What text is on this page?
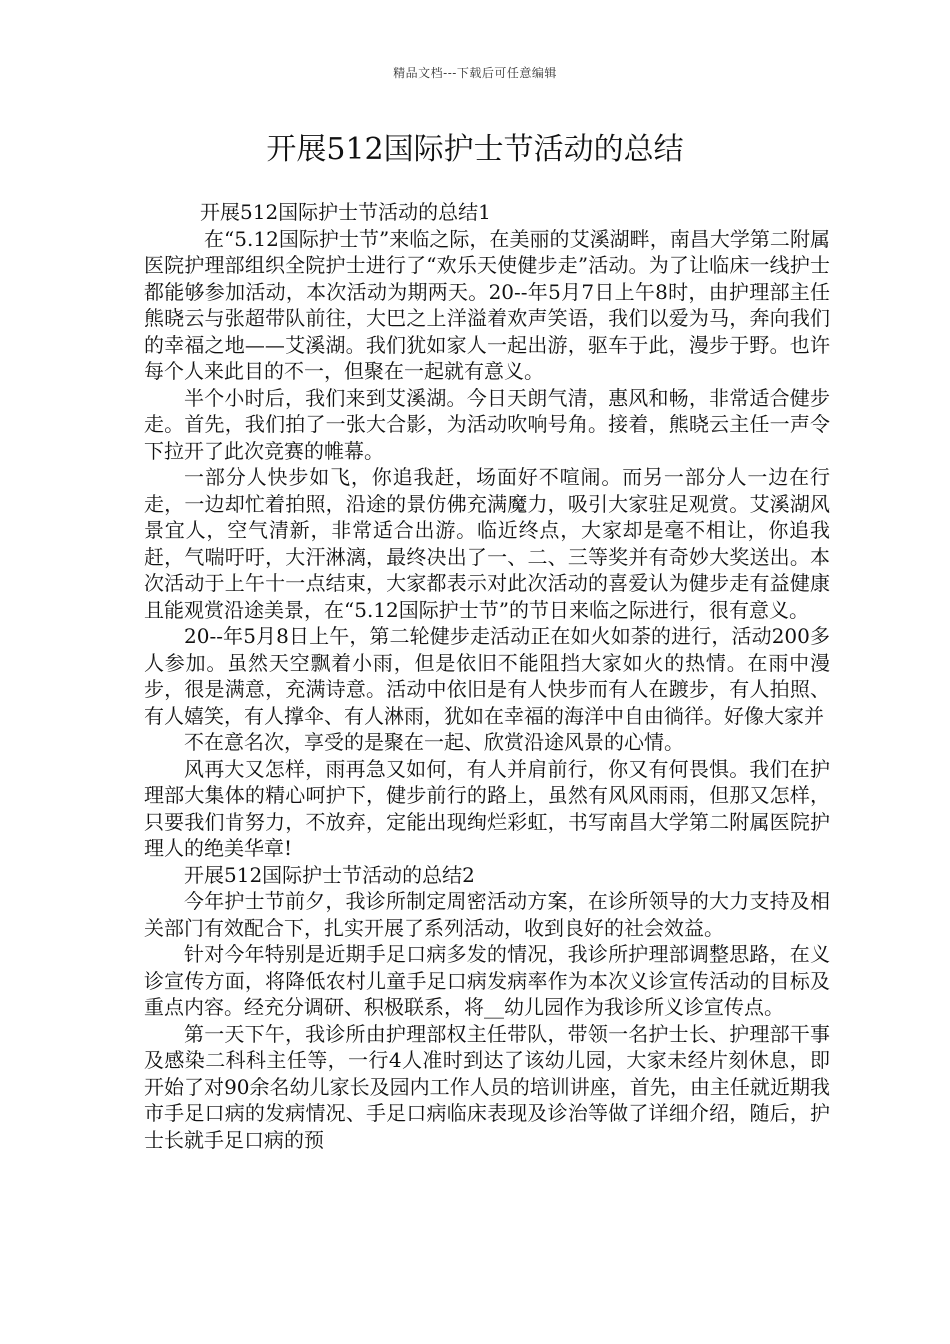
精品文档---下载后可任意编辑
开展512国际护士节活动的总结

开展512国际护士节活动的总结1

在“5.12国际护士节”来临之际，在美丽的艾溪湖畔，南昌大学第二附属医院护理部组织全院护士进行了“欢乐天使健步走”活动。为了让临床一线护士都能够参加活动，本次活动为期两天。20--年5月7日上午8时，由护理部主任熊晓云与张超带队前往，大巴之上洋溢着欢声笑语，我们以爱为马，奔向我们的幸福之地——艾溪湖。我们犹如家人一起出游，驱车于此，漫步于野。也许每个人来此目的不一，但聚在一起就有意义。

半个小时后，我们来到艾溪湖。今日天朗气清，惠风和畅，非常适合健步走。首先，我们拍了一张大合影，为活动吹响号角。接着，熊晓云主任一声令下拉开了此次竞赛的帷幕。

一部分人快步如飞，你追我赶，场面好不喧闹。而另一部分人一边在行走，一边却忙着拍照，沿途的景仿佛充满魔力，吸引大家驻足观赏。艾溪湖风景宜人，空气清新，非常适合出游。临近终点，大家却是毫不相让，你追我赶，气喘吁吁，大汗淋漓，最终决出了一、二、三等奖并有奇妙大奖送出。本次活动于上午十一点结束，大家都表示对此次活动的喜爱认为健步走有益健康且能观赏沿途美景，在“5.12国际护士节”的节日来临之际进行，很有意义。

20--年5月8日上午，第二轮健步走活动正在如火如荼的进行，活动200多人参加。虽然天空飘着小雨，但是依旧不能阻挡大家如火的热情。在雨中漫步，很是满意，充满诗意。活动中依旧是有人快步而有人在踱步，有人拍照、有人嬉笑，有人撑伞、有人淋雨，犹如在幸福的海洋中自由徜徉。好像大家并

不在意名次，享受的是聚在一起、欣赏沿途风景的心情。

风再大又怎样，雨再急又如何，有人并肩前行，你又有何畏惧。我们在护理部大集体的精心呵护下，健步前行的路上，虽然有风风雨雨，但那又怎样，只要我们肯努力，不放弃，定能出现绚烂彩虹，书写南昌大学第二附属医院护理人的绝美华章!

开展512国际护士节活动的总结2

今年护士节前夕，我诊所制定周密活动方案，在诊所领导的大力支持及相关部门有效配合下，扎实开展了系列活动，收到良好的社会效益。

针对今年特别是近期手足口病多发的情况，我诊所护理部调整思路，在义诊宣传方面，将降低农村儿童手足口病发病率作为本次义诊宣传活动的目标及重点内容。经充分调研、积极联系，将__幼儿园作为我诊所义诊宣传点。

第一天下午，我诊所由护理部权主任带队，带领一名护士长、护理部干事及感染二科科主任等，一行4人准时到达了该幼儿园，大家未经片刻休息，即开始了对90余名幼儿家长及园内工作人员的培训讲座，首先，由主任就近期我市手足口病的发病情况、手足口病临床表现及诊治等做了详细介绍，随后，护士长就手足口病的预
